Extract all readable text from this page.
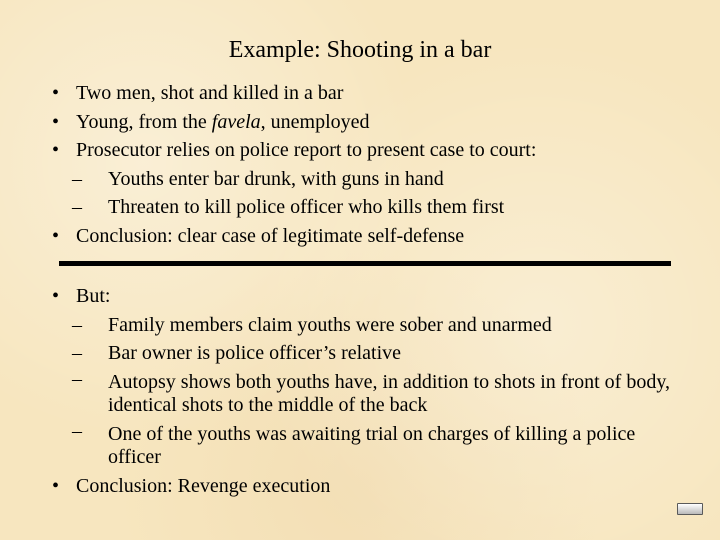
Example: Shooting in a bar
• Two men, shot and killed in a bar
• Young, from the favela, unemployed
• Prosecutor relies on police report to present case to court:
– Youths enter bar drunk, with guns in hand
– Threaten to kill police officer who kills them first
• Conclusion: clear case of legitimate self-defense
• But:
– Family members claim youths were sober and unarmed
– Bar owner is police officer’s relative
– Autopsy shows both youths have, in addition to shots in front of body, identical shots to the middle of the back
– One of the youths was awaiting trial on charges of killing a police officer
• Conclusion: Revenge execution
